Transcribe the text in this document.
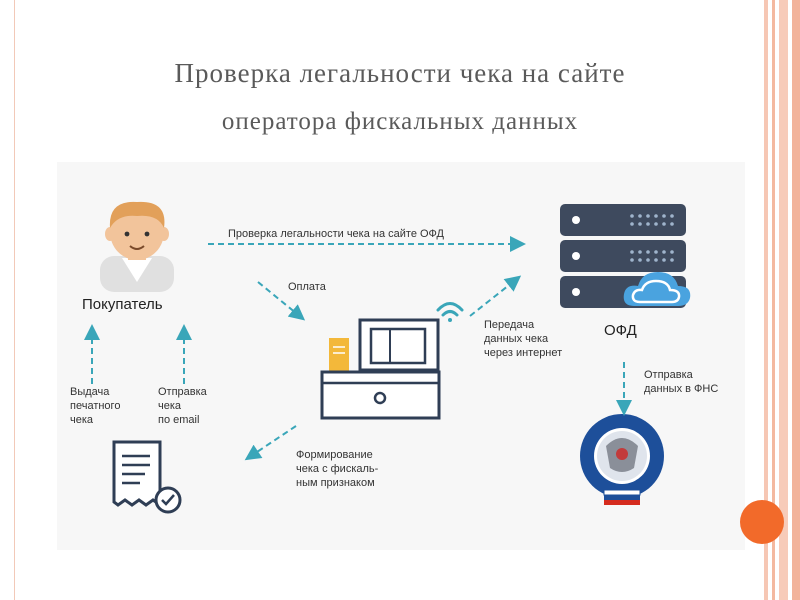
Проверка легальности чека на сайте
оператора фискальных данных
Покупатель
ОФД
Проверка легальности чека на сайте ОФД
Оплата
Передача
данных чека
через интернет
Отправка
данных в ФНС
Выдача
печатного
чека
Отправка
чека
по email
Формирование
чека с фискаль-
ным признаком
